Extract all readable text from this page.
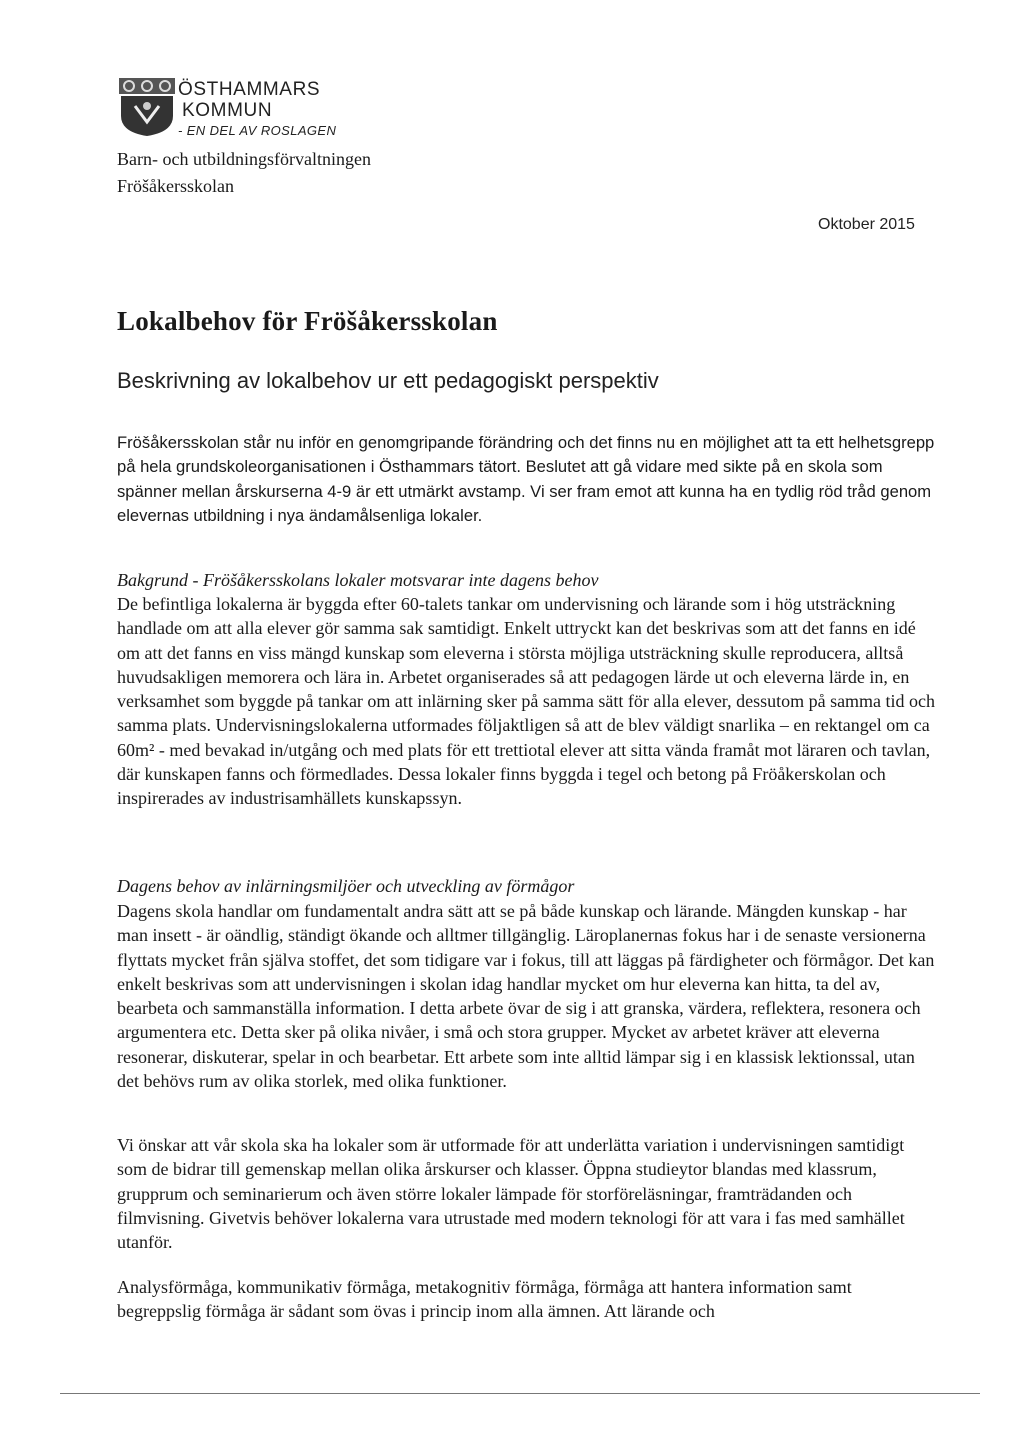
ÖSTHAMMARS
KOMMUN
- EN DEL AV ROSLAGEN
Barn- och utbildningsförvaltningen
Fröšåkersskolan
Oktober 2015
Lokalbehov för Fröšåkersskolan
Beskrivning av lokalbehov ur ett pedagogiskt perspektiv
Fröšåkersskolan står nu inför en genomgripande förändring och det finns nu en möjlighet att ta ett helhetsgrepp på hela grundskoleorganisationen i Östhammars tätort. Beslutet att gå vidare med sikte på en skola som spänner mellan årskurserna 4-9 är ett utmärkt avstamp. Vi ser fram emot att kunna ha en tydlig röd tråd genom elevernas utbildning i nya ändamålsenliga lokaler.
Bakgrund - Fröšåkersskolans lokaler motsvarar inte dagens behov
De befintliga lokalerna är byggda efter 60-talets tankar om undervisning och lärande som i hög utsträckning handlade om att alla elever gör samma sak samtidigt. Enkelt uttryckt kan det beskrivas som att det fanns en idé om att det fanns en viss mängd kunskap som eleverna i största möjliga utsträckning skulle reproducera, alltså huvudsakligen memorera och lära in. Arbetet organiserades så att pedagogen lärde ut och eleverna lärde in, en verksamhet som byggde på tankar om att inlärning sker på samma sätt för alla elever, dessutom på samma tid och samma plats. Undervisningslokalerna utformades följaktligen så att de blev väldigt snarlika – en rektangel om ca 60m² - med bevakad in/utgång och med plats för ett trettiotal elever att sitta vända framåt mot läraren och tavlan, där kunskapen fanns och förmedlades. Dessa lokaler finns byggda i tegel och betong på Fröåkerskolan och inspirerades av industrisamhällets kunskapssyn.
Dagens behov av inlärningsmiljöer och utveckling av förmågor
Dagens skola handlar om fundamentalt andra sätt att se på både kunskap och lärande. Mängden kunskap - har man insett - är oändlig, ständigt ökande och alltmer tillgänglig. Läroplanernas fokus har i de senaste versionerna flyttats mycket från själva stoffet, det som tidigare var i fokus, till att läggas på färdigheter och förmågor. Det kan enkelt beskrivas som att undervisningen i skolan idag handlar mycket om hur eleverna kan hitta, ta del av, bearbeta och sammanställa information. I detta arbete övar de sig i att granska, värdera, reflektera, resonera och argumentera etc. Detta sker på olika nivåer, i små och stora grupper. Mycket av arbetet kräver att eleverna resonerar, diskuterar, spelar in och bearbetar. Ett arbete som inte alltid lämpar sig i en klassisk lektionssal, utan det behövs rum av olika storlek, med olika funktioner.
Vi önskar att vår skola ska ha lokaler som är utformade för att underlätta variation i undervisningen samtidigt som de bidrar till gemenskap mellan olika årskurser och klasser. Öppna studieytor blandas med klassrum, grupprum och seminarierum och även större lokaler lämpade för storföreläsningar, framträdanden och filmvisning. Givetvis behöver lokalerna vara utrustade med modern teknologi för att vara i fas med samhället utanför.
Analysförmåga, kommunikativ förmåga, metakognitiv förmåga, förmåga att hantera information samt begreppslig förmåga är sådant som övas i princip inom alla ämnen. Att lärande och
